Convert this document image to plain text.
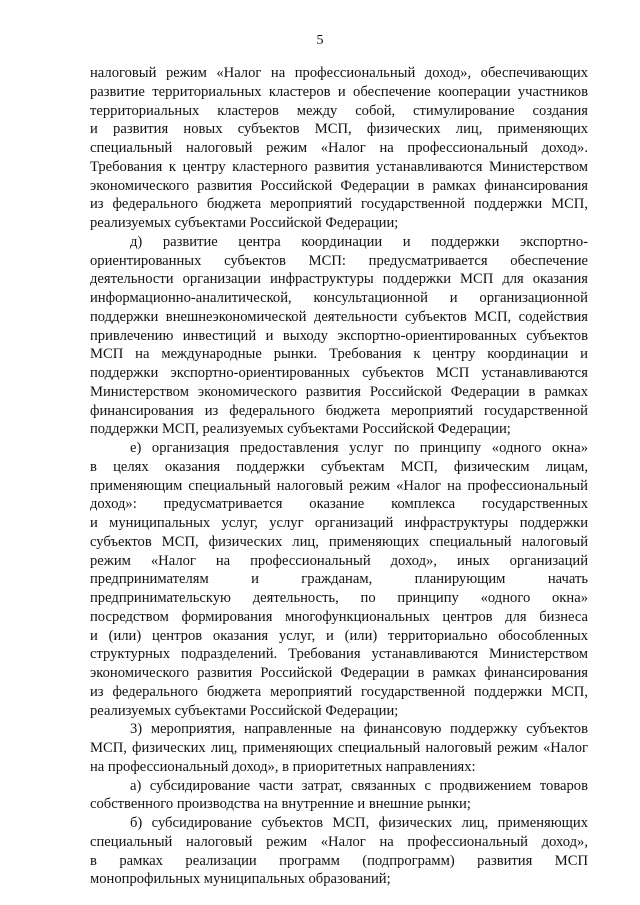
5

налоговый режим «Налог на профессиональный доход», обеспечивающих
развитие территориальных кластеров и обеспечение кооперации участников
территориальных кластеров между собой, стимулирование создания
и развития новых субъектов МСП, физических лиц, применяющих
специальный налоговый режим «Налог на профессиональный доход».
Требования к центру кластерного развития устанавливаются Министерством
экономического развития Российской Федерации в рамках финансирования
из федерального бюджета мероприятий государственной поддержки МСП,

реализуемых субъектами Российской Федерации;

д) развитие центра координации и поддержки экспортно-
ориентированных субъектов МСП: предусматривается обеспечение
деятельности организации инфраструктуры поддержки МСП для оказания
информационно-аналитической, консультационной и организационной
поддержки внешнеэкономической деятельности субъектов МСП, содействия
привлечению инвестиций и выходу экспортно-ориентированных субъектов
МСП на международные рынки. Требования к центру координации и
поддержки экспортно-ориентированных субъектов МСП устанавливаются
Министерством экономического развития Российской Федерации в рамках
финансирования из федерального бюджета мероприятий государственной

поддержки МСП, реализуемых субъектами Российской Федерации;

е) организация предоставления услуг по принципу «одного окна»
в целях оказания поддержки субъектам МСП, физическим лицам,
применяющим специальный налоговый режим «Налог на профессиональный
доход»: предусматривается оказание комплекса государственных
и муниципальных услуг, услуг организаций инфраструктуры поддержки
субъектов МСП, физических лиц, применяющих специальный налоговый
режим «Налог на профессиональный доход», иных организаций
предпринимателям и гражданам, планирующим начать
предпринимательскую деятельность, по принципу «одного окна»
посредством формирования многофункциональных центров для бизнеса
и (или) центров оказания услуг, и (или) территориально обособленных
структурных подразделений. Требования устанавливаются Министерством
экономического развития Российской Федерации в рамках финансирования
из федерального бюджета мероприятий государственной поддержки МСП,

реализуемых субъектами Российской Федерации;

3) мероприятия, направленные на финансовую поддержку субъектов
МСП, физических лиц, применяющих специальный налоговый режим «Налог

на профессиональный доход», в приоритетных направлениях:

а) субсидирование части затрат, связанных с продвижением товаров

собственного производства на внутренние и внешние рынки;

б) субсидирование субъектов МСП, физических лиц, применяющих
специальный налоговый режим «Налог на профессиональный доход»,
в рамках реализации программ (подпрограмм) развития МСП

монопрофильных муниципальных образований;
